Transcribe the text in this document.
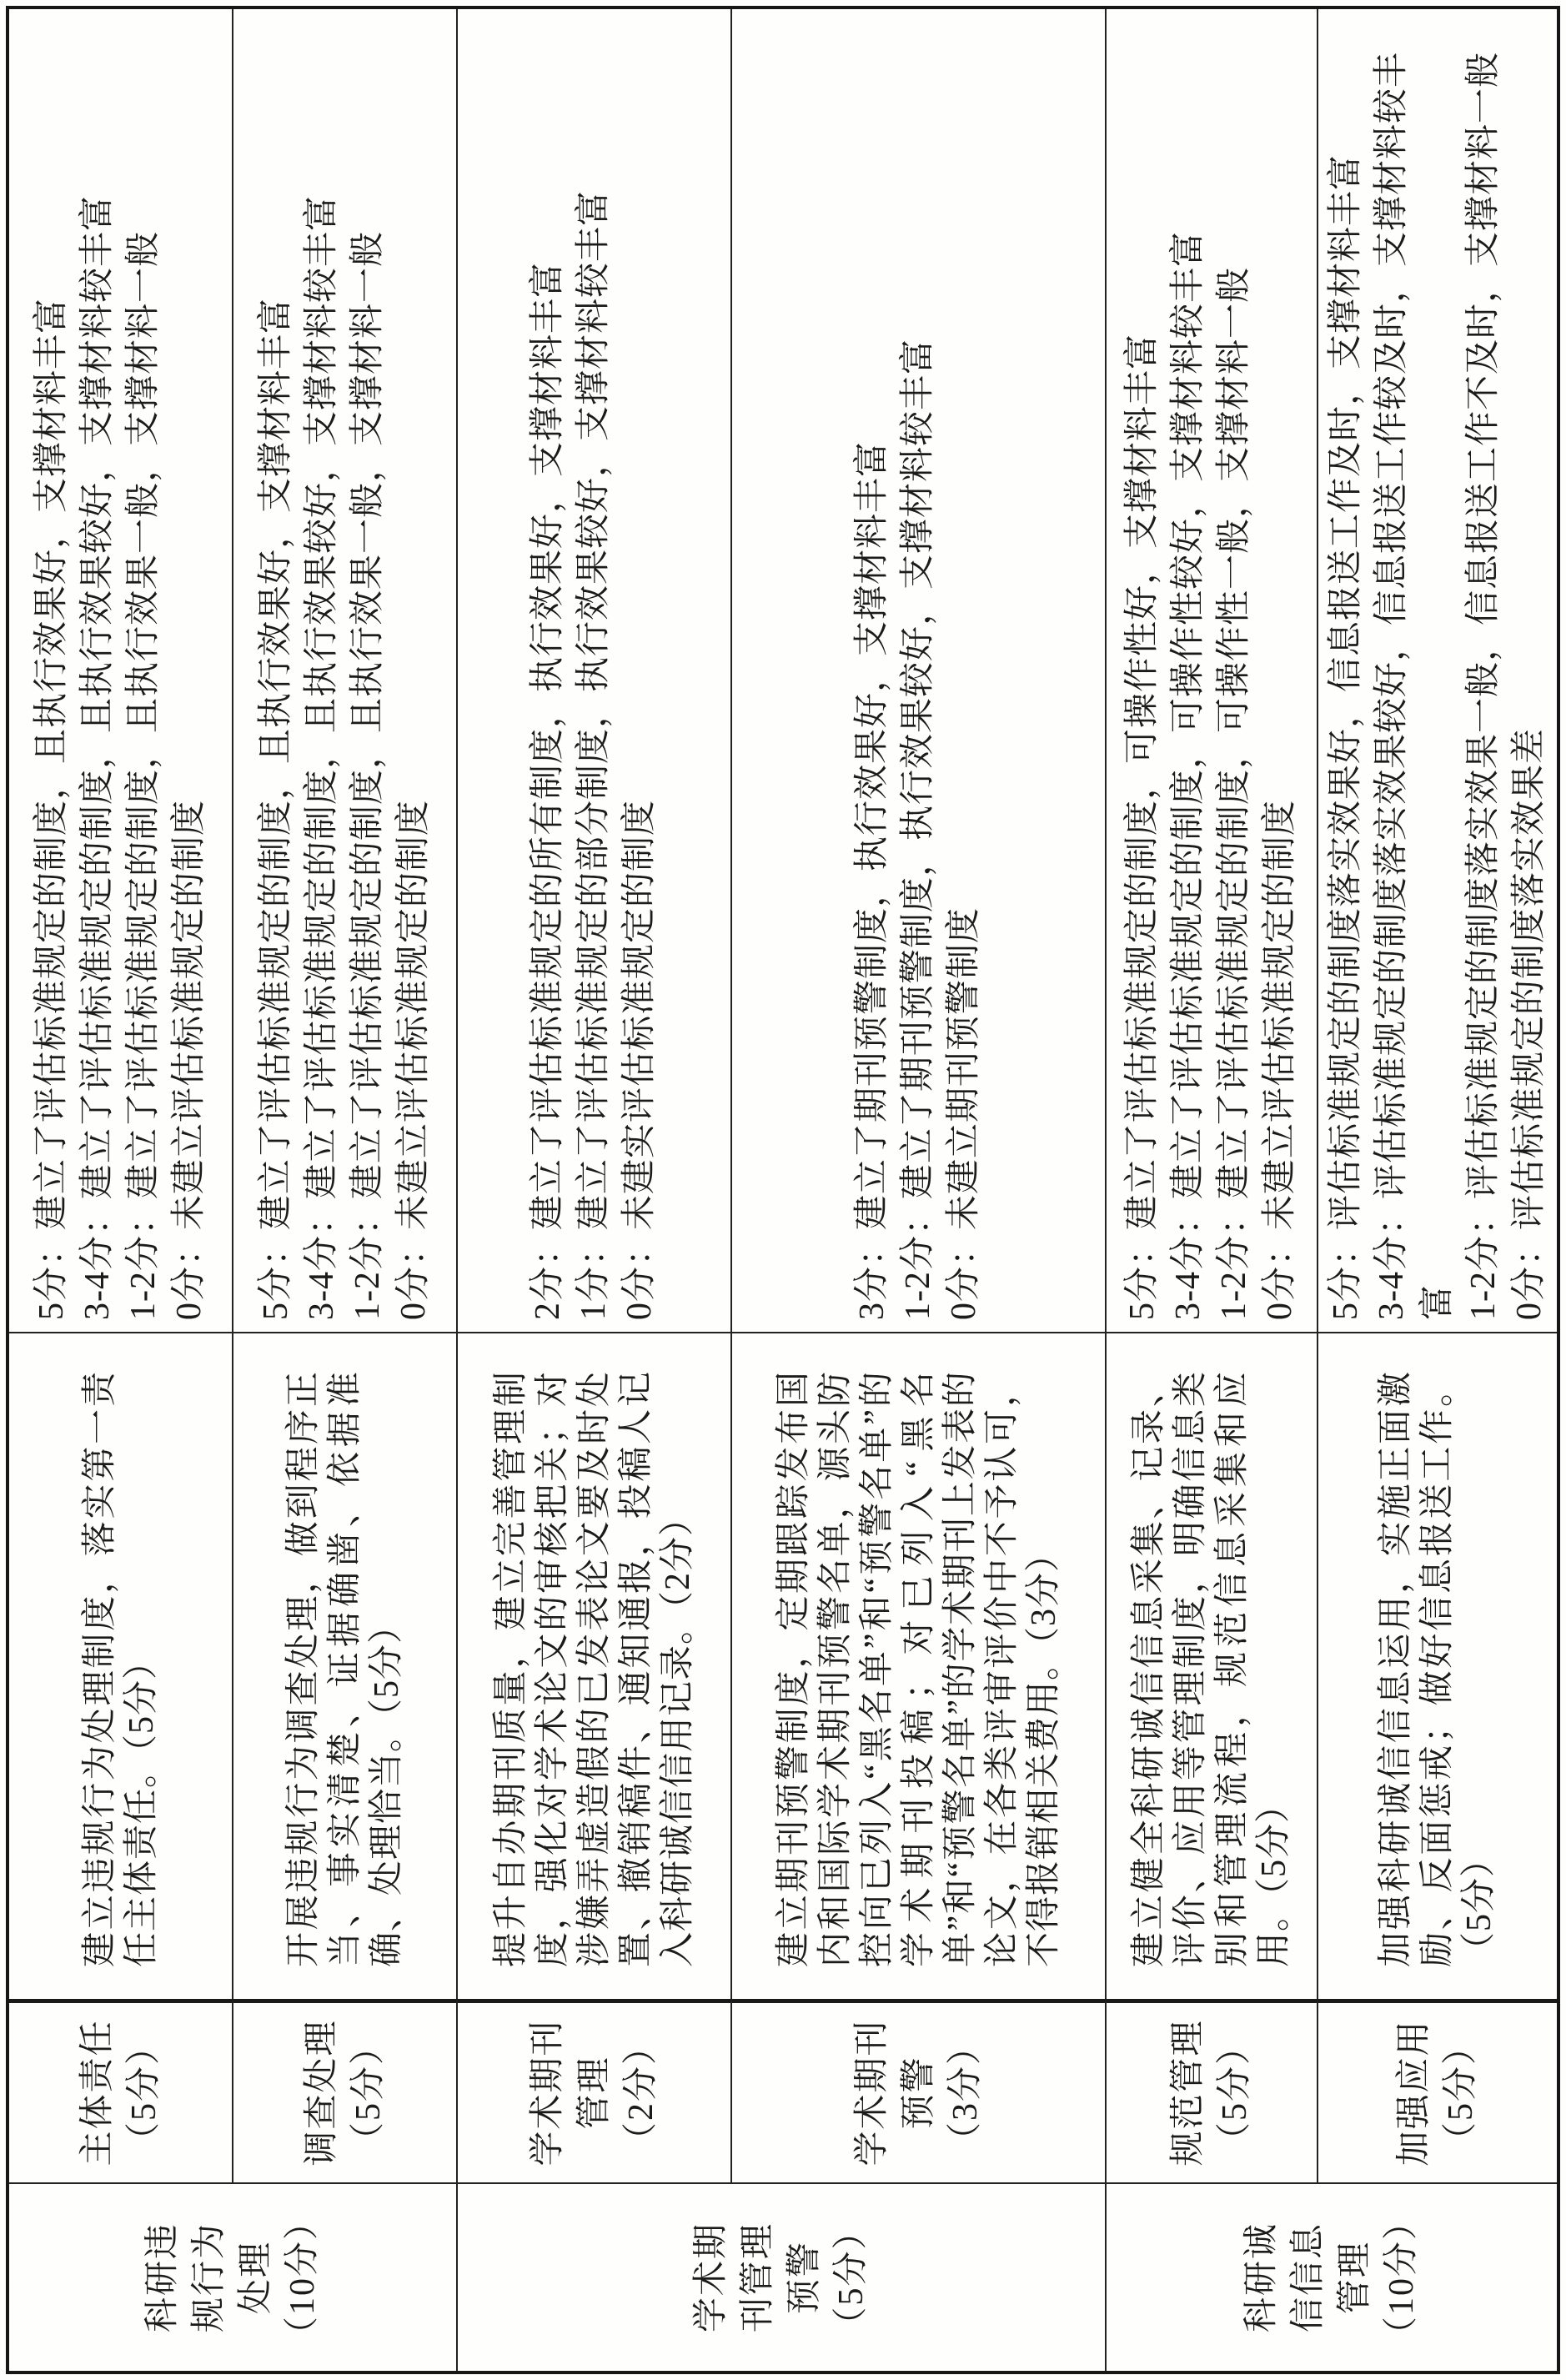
科研违 规行为 处理 （10分）	学术期 刊管理 预警 （5分）	科研诚 信信息 管理 （10分）
主体责任 （5分）
建立违规行为处理制度，落实第一责任主体责任。（5分）
5分：建立了评估标准规定的制度，且执行效果好，支撑材料丰富 3-4分：建立了评估标准规定的制度，且执行效果较好，支撑材料较丰富 1-2分：建立了评估标准规定的制度，且执行效果一般，支撑材料一般 0分：未建立评估标准规定的制度
调查处理 （5分）
开展违规行为调查处理，做到程序正当、事实清楚、证据确凿、依据准确、处理恰当。（5分）
5分：建立了评估标准规定的制度，且执行效果好，支撑材料丰富 3-4分：建立了评估标准规定的制度，且执行效果较好，支撑材料较丰富 1-2分：建立了评估标准规定的制度，且执行效果一般，支撑材料一般 0分：未建立评估标准规定的制度
学术期刊 管理 （2分）
提升自办期刊质量，建立完善管理制度，强化对学术论文的审核把关；对涉嫌弄虚造假的已发表论文要及时处置、撤销稿件、通知通报，投稿人记入科研诚信信用记录。（2分）
2分：建立了评估标准规定的所有制度，执行效果好，支撑材料丰富 1分：建立了评估标准规定的部分制度，执行效果较好，支撑材料较丰富 0分：未建实评估标准规定的制度
学术期刊 预警 （3分）
建立期刊预警制度，定期跟踪发布国内和国际学术期刊预警名单，源头防控向已列入“黑名单”和“预警名单”的学术期刊投稿；对已列入“黑名单”和“预警名单”的学术期刊上发表的论文，在各类评审评价中不予认可，不得报销相关费用。（3分）
3分：建立了期刊预警制度，执行效果好，支撑材料丰富 1-2分：建立了期刊预警制度，执行效果较好，支撑材料较丰富 0分：未建立期刊预警制度
规范管理 （5分）
建立健全科研诚信信息采集、记录、评价、应用等管理制度，明确信息类别和管理流程，规范信息采集和应用。（5分）
5分：建立了评估标准规定的制度，可操作性好，支撑材料丰富 3-4分：建立了评估标准规定的制度，可操作性较好，支撑材料较丰富 1-2分：建立了评估标准规定的制度，可操作性一般，支撑材料一般 0分：未建立评估标准规定的制度
加强应用 （5分）
加强科研诚信信息运用，实施正面激励、反面惩戒；做好信息报送工作。（5分）
5分：评估标准规定的制度落实效果好，信息报送工作及时，支撑材料丰富 3-4分：评估标准规定的制度落实效果较好，信息报送工作较及时，支撑材料较丰 富 1-2分：评估标准规定的制度落实效果一般，信息报送工作不及时，支撑材料一般 0分：评估标准规定的制度落实效果差
